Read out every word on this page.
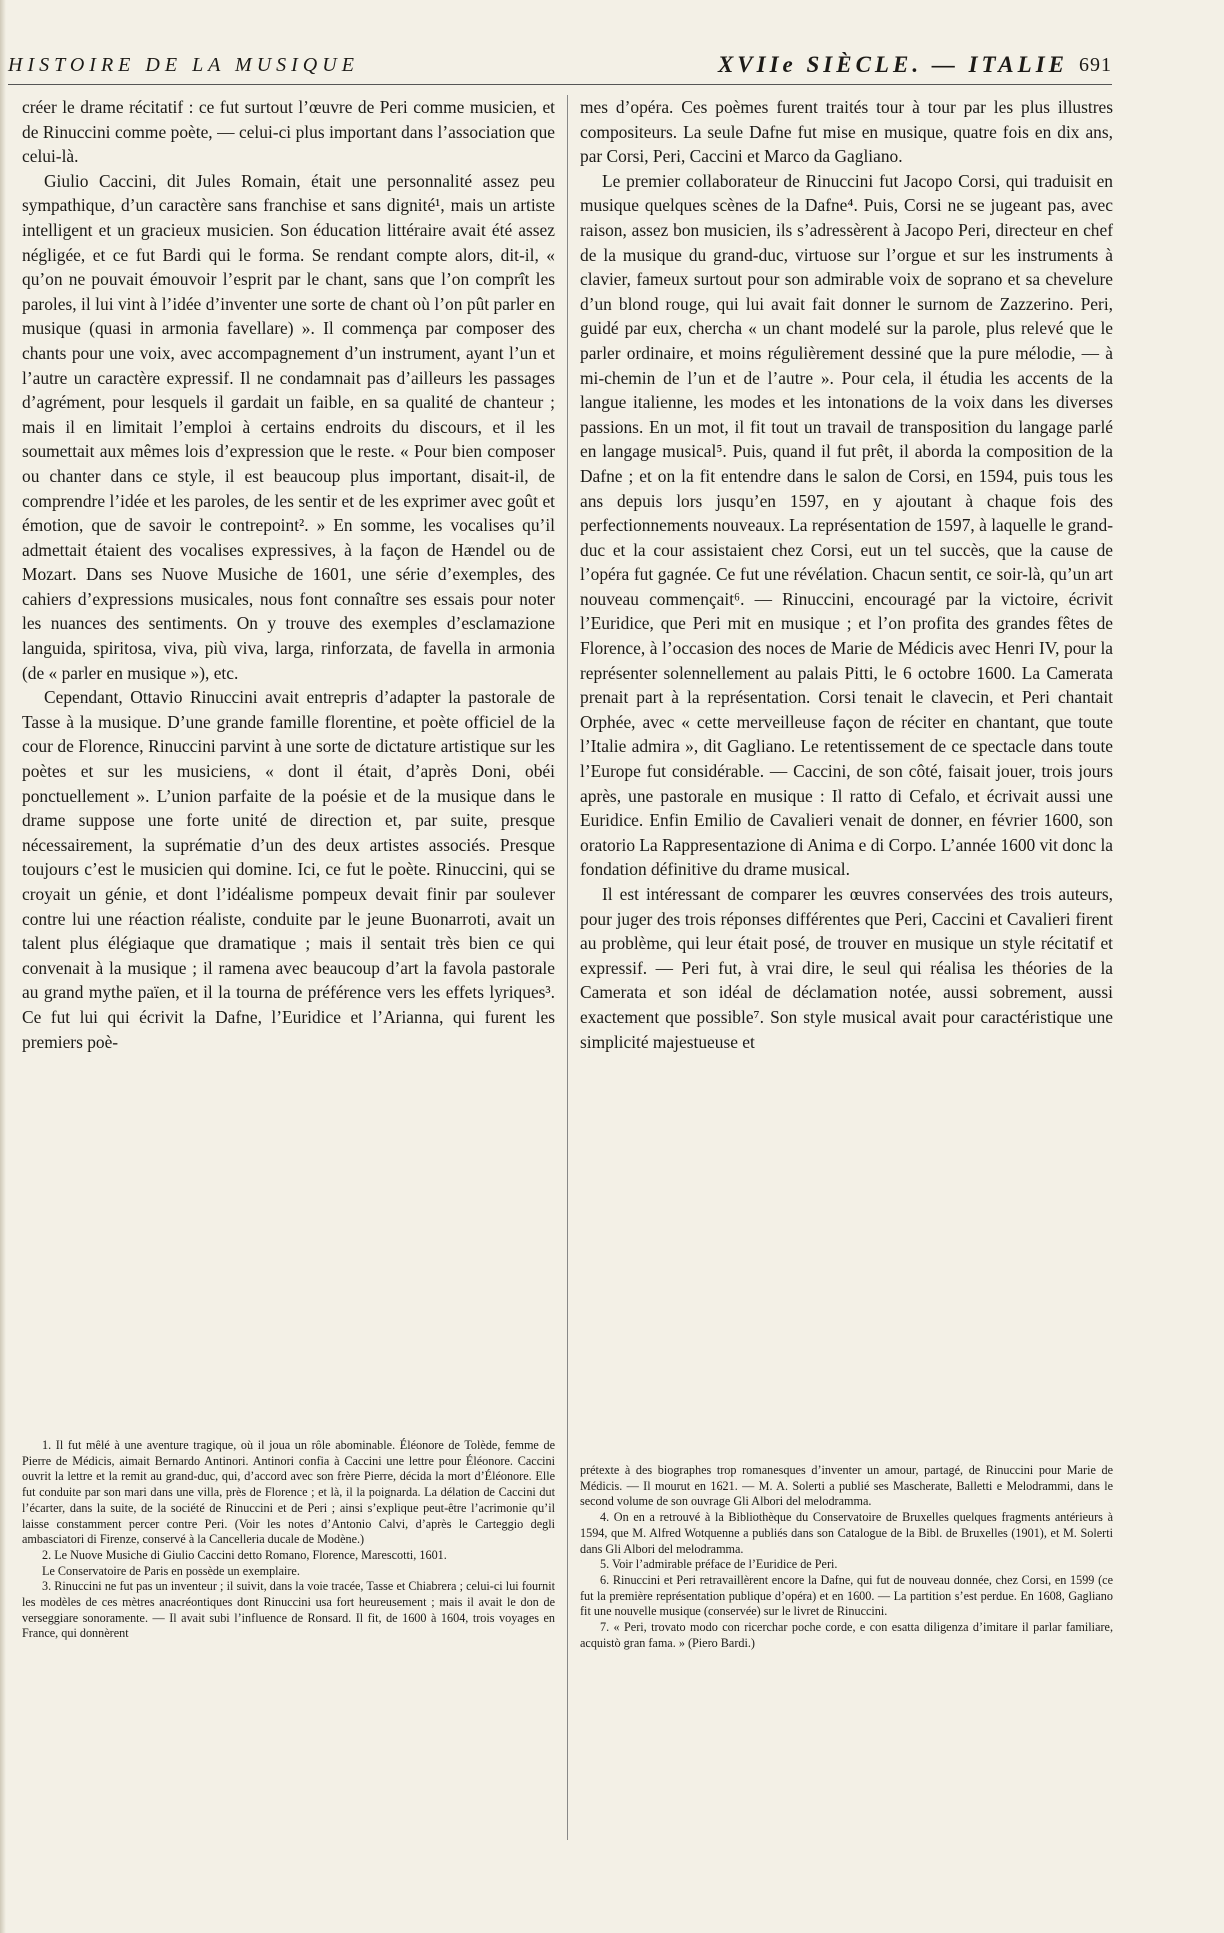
HISTOIRE DE LA MUSIQUE	XVIIe SIÈCLE. — ITALIE 691

créer le drame récitatif : ce fut surtout l’œuvre de Peri comme musicien, et de Rinuccini comme poète, — celui-ci plus important dans l’association que celui-là.

Giulio Caccini, dit Jules Romain, était une personnalité assez peu sympathique, d’un caractère sans franchise et sans dignité¹, mais un artiste intelligent et un gracieux musicien. Son éducation littéraire avait été assez négligée, et ce fut Bardi qui le forma. Se rendant compte alors, dit-il, « qu’on ne pouvait émouvoir l’esprit par le chant, sans que l’on comprît les paroles, il lui vint à l’idée d’inventer une sorte de chant où l’on pût parler en musique (quasi in armonia favellare) ». Il commença par composer des chants pour une voix, avec accompagnement d’un instrument, ayant l’un et l’autre un caractère expressif. Il ne condamnait pas d’ailleurs les passages d’agrément, pour lesquels il gardait un faible, en sa qualité de chanteur ; mais il en limitait l’emploi à certains endroits du discours, et il les soumettait aux mêmes lois d’expression que le reste. « Pour bien composer ou chanter dans ce style, il est beaucoup plus important, disait-il, de comprendre l’idée et les paroles, de les sentir et de les exprimer avec goût et émotion, que de savoir le contrepoint². » En somme, les vocalises qu’il admettait étaient des vocalises expressives, à la façon de Hændel ou de Mozart. Dans ses Nuove Musiche de 1601, une série d’exemples, des cahiers d’expressions musicales, nous font connaître ses essais pour noter les nuances des sentiments. On y trouve des exemples d’esclamazione languida, spiritosa, viva, più viva, larga, rinforzata, de favella in armonia (de « parler en musique »), etc.

Cependant, Ottavio Rinuccini avait entrepris d’adapter la pastorale de Tasse à la musique. D’une grande famille florentine, et poète officiel de la cour de Florence, Rinuccini parvint à une sorte de dictature artistique sur les poètes et sur les musiciens, « dont il était, d’après Doni, obéi ponctuellement ». L’union parfaite de la poésie et de la musique dans le drame suppose une forte unité de direction et, par suite, presque nécessairement, la suprématie d’un des deux artistes associés. Presque toujours c’est le musicien qui domine. Ici, ce fut le poète. Rinuccini, qui se croyait un génie, et dont l’idéalisme pompeux devait finir par soulever contre lui une réaction réaliste, conduite par le jeune Buonarroti, avait un talent plus élégiaque que dramatique ; mais il sentait très bien ce qui convenait à la musique ; il ramena avec beaucoup d’art la favola pastorale au grand mythe païen, et il la tourna de préférence vers les effets lyriques³. Ce fut lui qui écrivit la Dafne, l’Euridice et l’Arianna, qui furent les premiers poè-

mes d’opéra. Ces poèmes furent traités tour à tour par les plus illustres compositeurs. La seule Dafne fut mise en musique, quatre fois en dix ans, par Corsi, Peri, Caccini et Marco da Gagliano.

Le premier collaborateur de Rinuccini fut Jacopo Corsi, qui traduisit en musique quelques scènes de la Dafne⁴. Puis, Corsi ne se jugeant pas, avec raison, assez bon musicien, ils s’adressèrent à Jacopo Peri, directeur en chef de la musique du grand-duc, virtuose sur l’orgue et sur les instruments à clavier, fameux surtout pour son admirable voix de soprano et sa chevelure d’un blond rouge, qui lui avait fait donner le surnom de Zazzerino. Peri, guidé par eux, chercha « un chant modelé sur la parole, plus relevé que le parler ordinaire, et moins régulièrement dessiné que la pure mélodie, — à mi-chemin de l’un et de l’autre ». Pour cela, il étudia les accents de la langue italienne, les modes et les intonations de la voix dans les diverses passions. En un mot, il fit tout un travail de transposition du langage parlé en langage musical⁵. Puis, quand il fut prêt, il aborda la composition de la Dafne ; et on la fit entendre dans le salon de Corsi, en 1594, puis tous les ans depuis lors jusqu’en 1597, en y ajoutant à chaque fois des perfectionnements nouveaux. La représentation de 1597, à laquelle le grand-duc et la cour assistaient chez Corsi, eut un tel succès, que la cause de l’opéra fut gagnée. Ce fut une révélation. Chacun sentit, ce soir-là, qu’un art nouveau commençait⁶. — Rinuccini, encouragé par la victoire, écrivit l’Euridice, que Peri mit en musique ; et l’on profita des grandes fêtes de Florence, à l’occasion des noces de Marie de Médicis avec Henri IV, pour la représenter solennellement au palais Pitti, le 6 octobre 1600. La Camerata prenait part à la représentation. Corsi tenait le clavecin, et Peri chantait Orphée, avec « cette merveilleuse façon de réciter en chantant, que toute l’Italie admira », dit Gagliano. Le retentissement de ce spectacle dans toute l’Europe fut considérable. — Caccini, de son côté, faisait jouer, trois jours après, une pastorale en musique : Il ratto di Cefalo, et écrivait aussi une Euridice. Enfin Emilio de Cavalieri venait de donner, en février 1600, son oratorio La Rappresentazione di Anima e di Corpo. L’année 1600 vit donc la fondation définitive du drame musical.

Il est intéressant de comparer les œuvres conservées des trois auteurs, pour juger des trois réponses différentes que Peri, Caccini et Cavalieri firent au problème, qui leur était posé, de trouver en musique un style récitatif et expressif. — Peri fut, à vrai dire, le seul qui réalisa les théories de la Camerata et son idéal de déclamation notée, aussi sobrement, aussi exactement que possible⁷. Son style musical avait pour caractéristique une simplicité majestueuse et

1. Il fut mêlé à une aventure tragique, où il joua un rôle abominable. Éléonore de Tolède, femme de Pierre de Médicis, aimait Bernardo Antinori. Antinori confia à Caccini une lettre pour Éléonore. Caccini ouvrit la lettre et la remit au grand-duc, qui, d’accord avec son frère Pierre, décida la mort d’Éléonore. Elle fut conduite par son mari dans une villa, près de Florence ; et là, il la poignarda. La délation de Caccini dut l’écarter, dans la suite, de la société de Rinuccini et de Peri ; ainsi s’explique peut-être l’acrimonie qu’il laisse constamment percer contre Peri. (Voir les notes d’Antonio Calvi, d’après le Carteggio degli ambasciatori di Firenze, conservé à la Cancelleria ducale de Modène.)

2. Le Nuove Musiche di Giulio Caccini detto Romano, Florence, Marescotti, 1601.

Le Conservatoire de Paris en possède un exemplaire.

3. Rinuccini ne fut pas un inventeur ; il suivit, dans la voie tracée, Tasse et Chiabrera ; celui-ci lui fournit les modèles de ces mètres anacréontiques dont Rinuccini usa fort heureusement ; mais il avait le don de verseggiare sonoramente. — Il avait subi l’influence de Ronsard. Il fit, de 1600 à 1604, trois voyages en France, qui donnèrent

prétexte à des biographes trop romanesques d’inventer un amour, partagé, de Rinuccini pour Marie de Médicis. — Il mourut en 1621. — M. A. Solerti a publié ses Mascherate, Balletti e Melodrammi, dans le second volume de son ouvrage Gli Albori del melodramma.

4. On en a retrouvé à la Bibliothèque du Conservatoire de Bruxelles quelques fragments antérieurs à 1594, que M. Alfred Wotquenne a publiés dans son Catalogue de la Bibl. de Bruxelles (1901), et M. Solerti dans Gli Albori del melodramma.

5. Voir l’admirable préface de l’Euridice de Peri.

6. Rinuccini et Peri retravaillèrent encore la Dafne, qui fut de nouveau donnée, chez Corsi, en 1599 (ce fut la première représentation publique d’opéra) et en 1600. — La partition s’est perdue. En 1608, Gagliano fit une nouvelle musique (conservée) sur le livret de Rinuccini.

7. « Peri, trovato modo con ricerchar poche corde, e con esatta diligenza d’imitare il parlar familiare, acquistò gran fama. » (Piero Bardi.)
